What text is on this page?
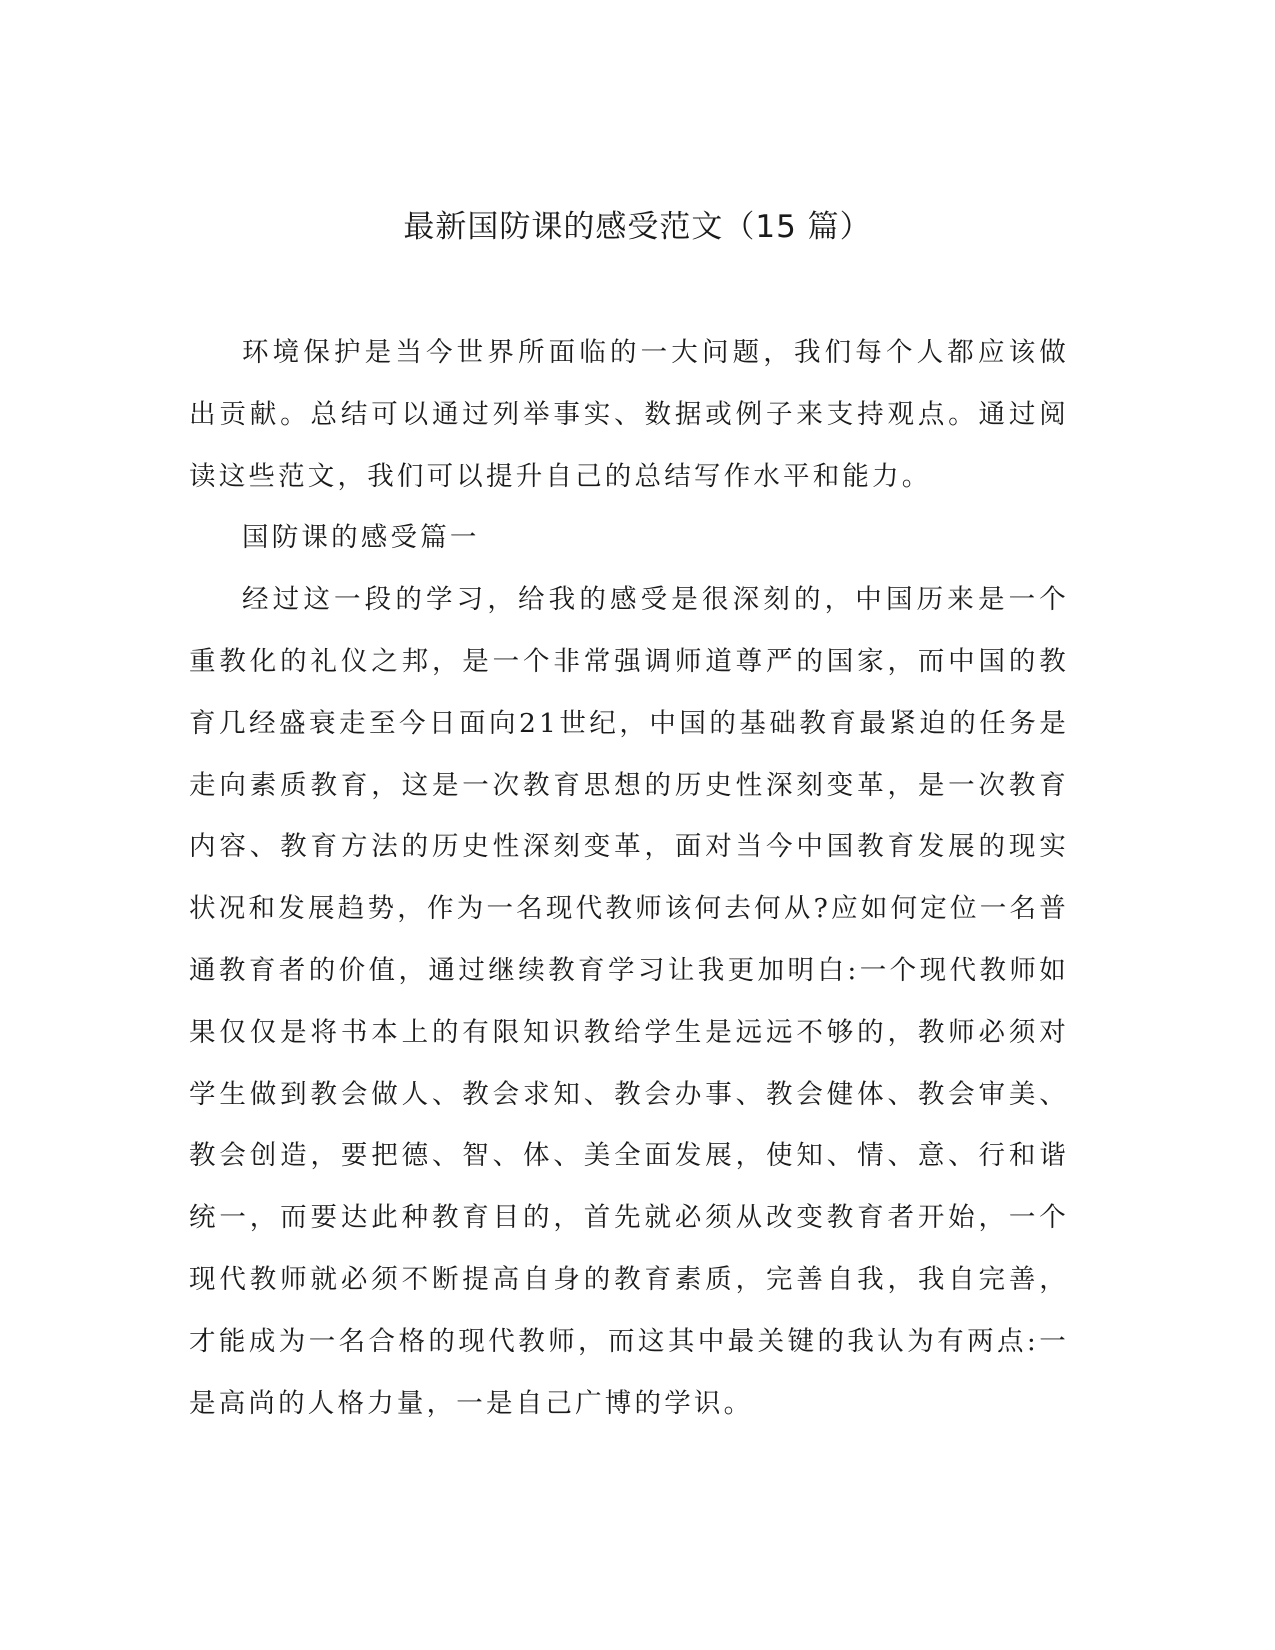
最新国防课的感受范文（15 篇）

环境保护是当今世界所面临的一大问题，我们每个人都应该做出贡献。总结可以通过列举事实、数据或例子来支持观点。通过阅读这些范文，我们可以提升自己的总结写作水平和能力。

国防课的感受篇一

经过这一段的学习，给我的感受是很深刻的，中国历来是一个重教化的礼仪之邦，是一个非常强调师道尊严的国家，而中国的教育几经盛衰走至今日面向21世纪，中国的基础教育最紧迫的任务是走向素质教育，这是一次教育思想的历史性深刻变革，是一次教育内容、教育方法的历史性深刻变革，面对当今中国教育发展的现实状况和发展趋势，作为一名现代教师该何去何从?应如何定位一名普通教育者的价值，通过继续教育学习让我更加明白:一个现代教师如果仅仅是将书本上的有限知识教给学生是远远不够的，教师必须对学生做到教会做人、教会求知、教会办事、教会健体、教会审美、教会创造，要把德、智、体、美全面发展，使知、情、意、行和谐统一，而要达此种教育目的，首先就必须从改变教育者开始，一个现代教师就必须不断提高自身的教育素质，完善自我，我自完善，才能成为一名合格的现代教师，而这其中最关键的我认为有两点:一是高尚的人格力量，一是自己广博的学识。
